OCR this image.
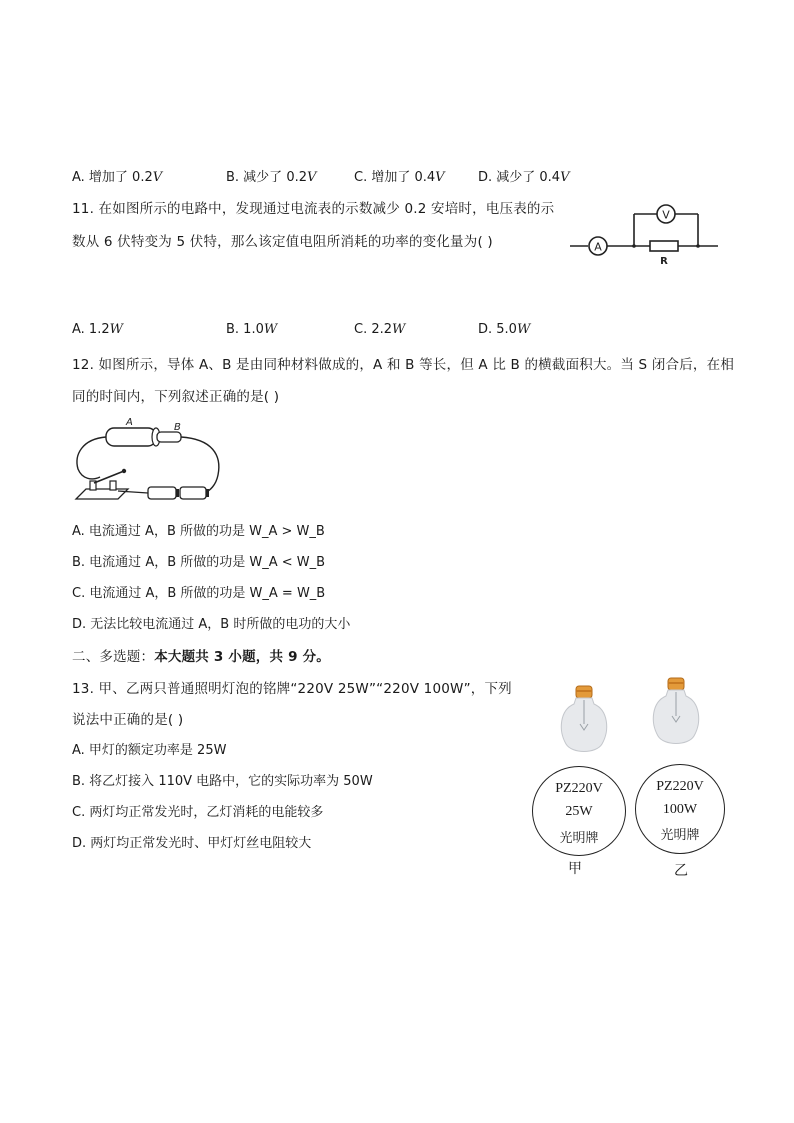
A. 增加了 0.2V	B. 减少了 0.2V	C. 增加了 0.4V	D. 减少了 0.4V
11. 在如图所示的电路中，发现通过电流表的示数减少 0.2 安培时，电压表的示
数从 6 伏特变为 5 伏特，那么该定值电阻所消耗的功率的变化量为( )	A
V
R
A. 1.2W	B. 1.0W	C. 2.2W	D. 5.0W
12. 如图所示，导体 A、B 是由同种材料做成的，A 和 B 等长，但 A 比 B 的横截面积大。当 S 闭合后，在相
同的时间内，下列叙述正确的是( )
A	B
A. 电流通过 A，B 所做的功是 W_A > W_B
B. 电流通过 A，B 所做的功是 W_A < W_B
C. 电流通过 A，B 所做的功是 W_A = W_B
D. 无法比较电流通过 A，B 时所做的电功的大小
二、多选题：本大题共 3 小题，共 9 分。
13. 甲、乙两只普通照明灯泡的铭牌“220V 25W”“220V 100W”，下列
说法中正确的是( )
A. 甲灯的额定功率是 25W
B. 将乙灯接入 110V 电路中，它的实际功率为 50W
C. 两灯均正常发光时，乙灯消耗的电能较多
D. 两灯均正常发光时、甲灯灯丝电阻较大
PZ220V
25W
光明牌
PZ220V
100W
光明牌
甲	乙
